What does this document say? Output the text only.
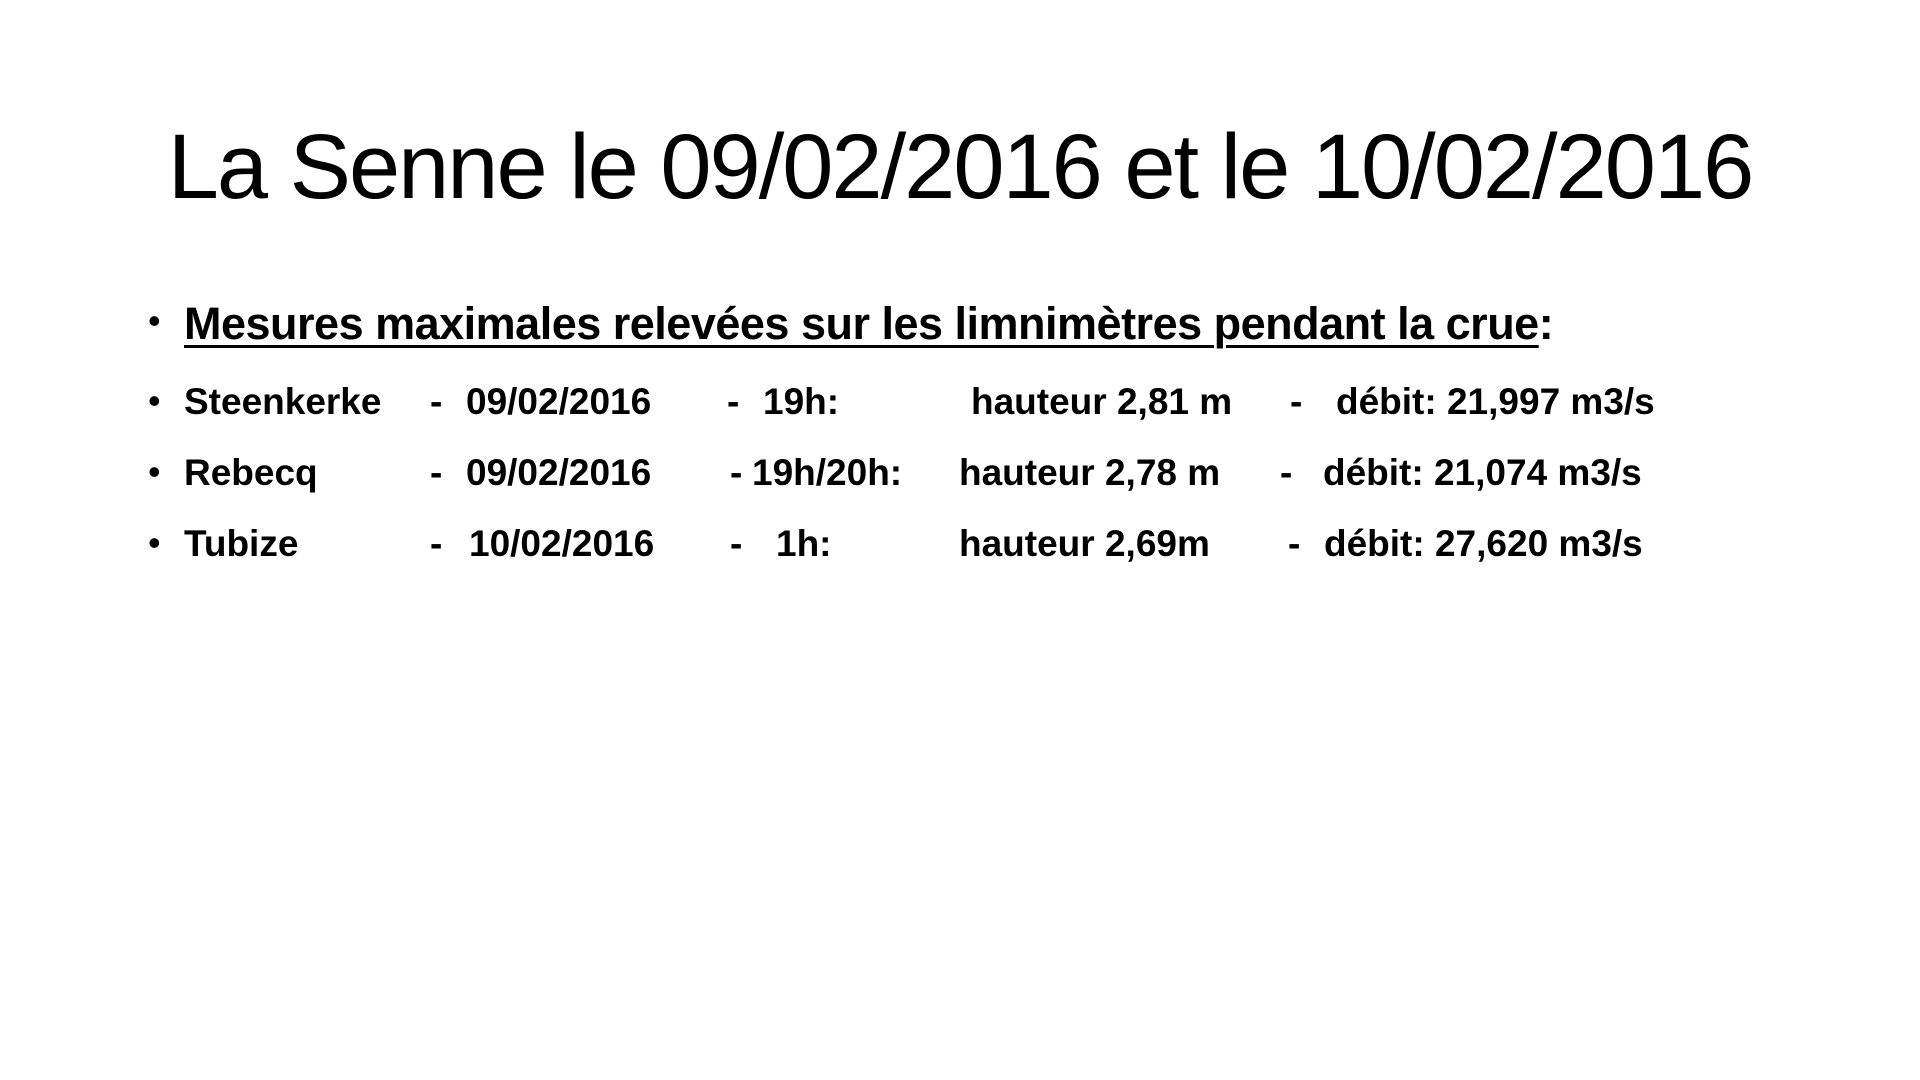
La Senne le 09/02/2016 et le 10/02/2016
• Mesures maximales relevées sur les limnimètres pendant la crue:
• Steenkerke - 09/02/2016 - 19h:	hauteur 2,81 m - débit: 21,997 m3/s
• Rebecq	- 09/02/2016 - 19h/20h: hauteur 2,78 m - débit: 21,074 m3/s
• Tubize	- 10/02/2016 - 1h:	hauteur 2,69m - débit: 27,620 m3/s
